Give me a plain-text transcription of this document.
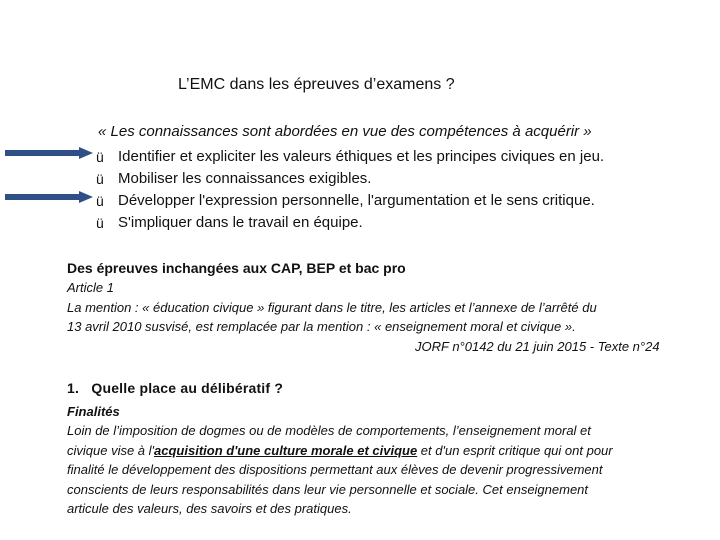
L’EMC dans les épreuves d’examens ?
« Les connaissances sont abordées en vue des compétences à acquérir »
ü Identifier et expliciter les valeurs éthiques et les principes civiques en jeu.
ü Mobiliser les connaissances exigibles.
ü Développer l'expression personnelle, l'argumentation et le sens critique.
ü S'impliquer dans le travail en équipe.
Des épreuves inchangées aux CAP, BEP et bac pro
Article 1
La mention : « éducation civique » figurant dans le titre, les articles et l’annexe de l’arrêté du
13 avril 2010 susvisé, est remplacée par la mention : « enseignement moral et civique ».
JORF n°0142 du 21 juin 2015 - Texte n°24
1. Quelle place au délibératif ?
Finalités

Loin de l’imposition de dogmes ou de modèles de comportements, l’enseignement moral et

civique vise à l'acquisition d'une culture morale et civique et d'un esprit critique qui ont pour

finalité le développement des dispositions permettant aux élèves de devenir progressivement

conscients de leurs responsabilités dans leur vie personnelle et sociale. Cet enseignement

articule des valeurs, des savoirs et des pratiques.
